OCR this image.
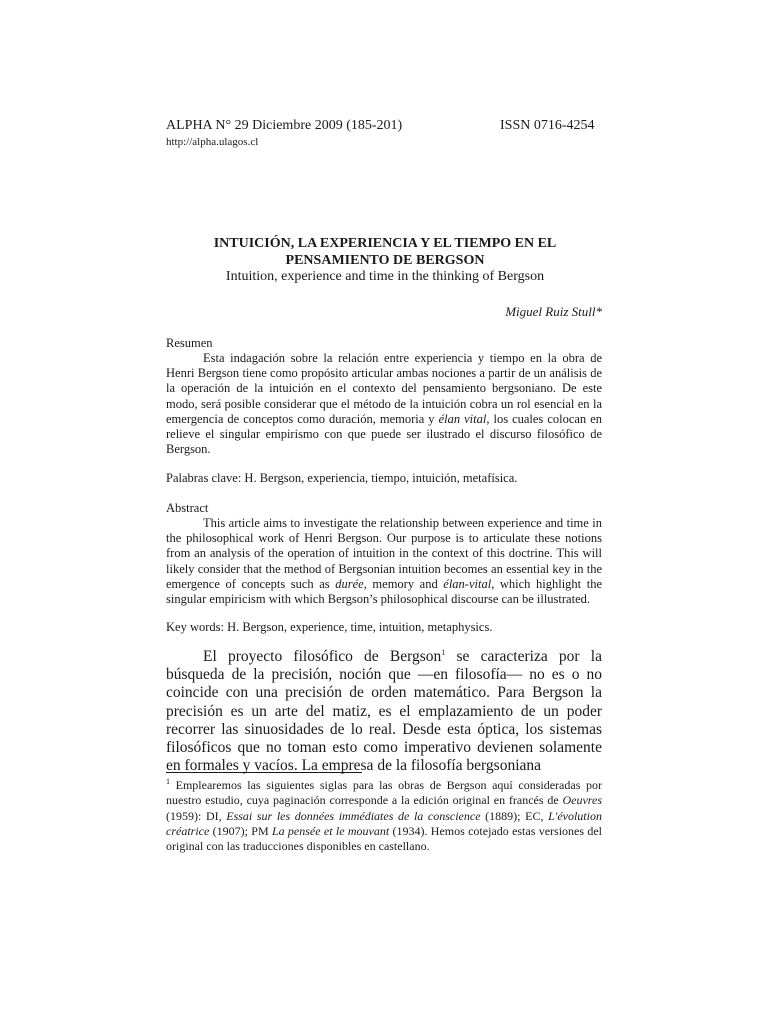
ALPHA N° 29 Diciembre 2009 (185-201)	ISSN 0716-4254
http://alpha.ulagos.cl
INTUICIÓN, LA EXPERIENCIA Y EL TIEMPO EN EL
PENSAMIENTO DE BERGSON
Intuition, experience and time in the thinking of Bergson
Miguel Ruiz Stull*
Resumen
Esta indagación sobre la relación entre experiencia y tiempo en la obra de Henri Bergson tiene como propósito articular ambas nociones a partir de un análisis de la operación de la intuición en el contexto del pensamiento bergsoniano. De este modo, será posible considerar que el método de la intuición cobra un rol esencial en la emergencia de conceptos como duración, memoria y élan vital, los cuales colocan en relieve el singular empirismo con que puede ser ilustrado el discurso filosófico de Bergson.
Palabras clave: H. Bergson, experiencia, tiempo, intuición, metafísica.
Abstract
This article aims to investigate the relationship between experience and time in the philosophical work of Henri Bergson. Our purpose is to articulate these notions from an analysis of the operation of intuition in the context of this doctrine. This will likely consider that the method of Bergsonian intuition becomes an essential key in the emergence of concepts such as durée, memory and élan-vital, which highlight the singular empiricism with which Bergson’s philosophical discourse can be illustrated.
Key words: H. Bergson, experience, time, intuition, metaphysics.
El proyecto filosófico de Bergson$^1$ se caracteriza por la búsqueda de la precisión, noción que —en filosofía— no es o no coincide con una precisión de orden matemático. Para Bergson la precisión es un arte del matiz, es el emplazamiento de un poder recorrer las sinuosidades de lo real. Desde esta óptica, los sistemas filosóficos que no toman esto como imperativo devienen solamente en formales y vacíos. La empresa de la filosofía bergsoniana
$^1$ Emplearemos las siguientes siglas para las obras de Bergson aquí consideradas por nuestro estudio, cuya paginación corresponde a la edición original en francés de Oeuvres (1959): DI, Essai sur les données immédiates de la conscience (1889); EC, L'évolution créatrice (1907); PM La pensée et le mouvant (1934). Hemos cotejado estas versiones del original con las traducciones disponibles en castellano.
